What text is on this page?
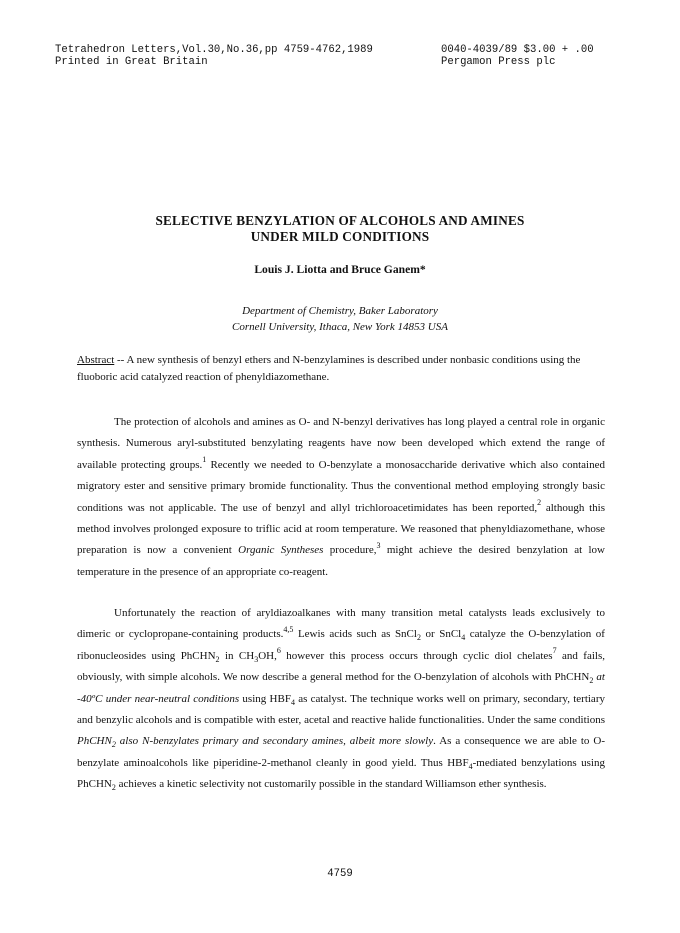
Tetrahedron Letters,Vol.30,No.36,pp 4759-4762,1989
Printed in Great Britain
0040-4039/89 $3.00 + .00
Pergamon Press plc
SELECTIVE BENZYLATION OF ALCOHOLS AND AMINES
UNDER MILD CONDITIONS
Louis J. Liotta and Bruce Ganem*
Department of Chemistry, Baker Laboratory
Cornell University, Ithaca, New York 14853 USA
Abstract -- A new synthesis of benzyl ethers and N-benzylamines is described under nonbasic conditions using the fluoboric acid catalyzed reaction of phenyldiazomethane.
The protection of alcohols and amines as O- and N-benzyl derivatives has long played a central role in organic synthesis. Numerous aryl-substituted benzylating reagents have now been developed which extend the range of available protecting groups.$^1$ Recently we needed to O-benzylate a monosaccharide derivative which also contained migratory ester and sensitive primary bromide functionality. Thus the conventional method employing strongly basic conditions was not applicable. The use of benzyl and allyl trichloroacetimidates has been reported,$^2$ although this method involves prolonged exposure to triflic acid at room temperature. We reasoned that phenyldiazomethane, whose preparation is now a convenient Organic Syntheses procedure,$^3$ might achieve the desired benzylation at low temperature in the presence of an appropriate co-reagent.
Unfortunately the reaction of aryldiazoalkanes with many transition metal catalysts leads exclusively to dimeric or cyclopropane-containing products.$^{4,5}$ Lewis acids such as SnCl$_2$ or SnCl$_4$ catalyze the O-benzylation of ribonucleosides using PhCHN$_2$ in $CH_3OH,^6$ however this process occurs through cyclic diol chelates$^7$ and fails, obviously, with simple alcohols. We now describe a general method for the O-benzylation of alcohols with PhCHN$_2$ at -40ºC under near-neutral conditions using $HBF_4$ as catalyst. The technique works well on primary, secondary, tertiary and benzylic alcohols and is compatible with ester, acetal and reactive halide functionalities. Under the same conditions PhCHN$_2$ also N-benzylates primary and secondary amines, albeit more slowly. As a consequence we are able to O-benzylate aminoalcohols like piperidine-2-methanol cleanly in good yield. Thus $HBF_4$-mediated benzylations using PhCHN$_2$ achieves a kinetic selectivity not customarily possible in the standard Williamson ether synthesis.
4759
